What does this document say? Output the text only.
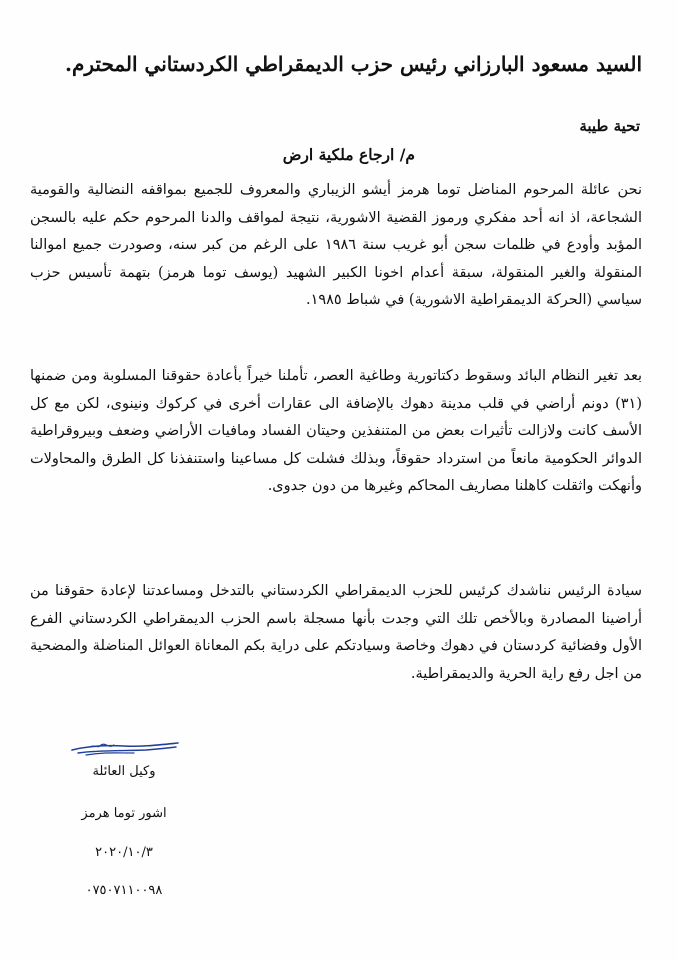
السيد مسعود البارزاني رئيس حزب الديمقراطي الكردستاني المحترم.
تحية طيبة
م/ ارجاع ملكية ارض
نحن عائلة المرحوم المناضل توما هرمز أيشو الزيباري والمعروف للجميع بمواقفه النضالية والقومية الشجاعة، اذ انه أحد مفكري ورموز القضية الاشورية، نتيجة لمواقف والدنا المرحوم حكم عليه بالسجن المؤبد وأودع في ظلمات سجن أبو غريب سنة ١٩٨٦ على الرغم من كبر سنه، وصودرت جميع اموالنا المنقولة والغير المنقولة، سبقة أعدام اخونا الكبير الشهيد (يوسف توما هرمز) بتهمة تأسيس حزب سياسي (الحركة الديمقراطية الاشورية) في شباط ١٩٨٥.
بعد تغير النظام البائد وسقوط دكتاتورية وطاغية العصر، تأملنا خيراً بأعادة حقوقنا المسلوبة ومن ضمنها (٣١) دونم أراضي في قلب مدينة دهوك بالإضافة الى عقارات أخرى في كركوك ونينوى، لكن مع كل الأسف كانت ولازالت تأثيرات بعض من المتنفذين وحيتان الفساد ومافيات الأراضي وضعف وبيروقراطية الدوائر الحكومية مانعاً من استرداد حقوقاً، وبذلك فشلت كل مساعينا واستنفذنا كل الطرق والمحاولات وأنهكت واثقلت كاهلنا مصاريف المحاكم وغيرها من دون جدوى.
سيادة الرئيس نناشدك كرئيس للحزب الديمقراطي الكردستاني بالتدخل ومساعدتنا لإعادة حقوقنا من أراضينا المصادرة وبالأخص تلك التي وجدت بأنها مسجلة باسم الحزب الديمقراطي الكردستاني الفرع الأول وفضائية كردستان في دهوك وخاصة وسيادتكم على دراية بكم المعاناة العوائل المناضلة والمضحية من اجل رفع راية الحرية والديمقراطية.
وكيل العائلة
اشور توما هرمز
٢٠٢٠/١٠/٣
٠٧٥٠٧١١٠٠٩٨
